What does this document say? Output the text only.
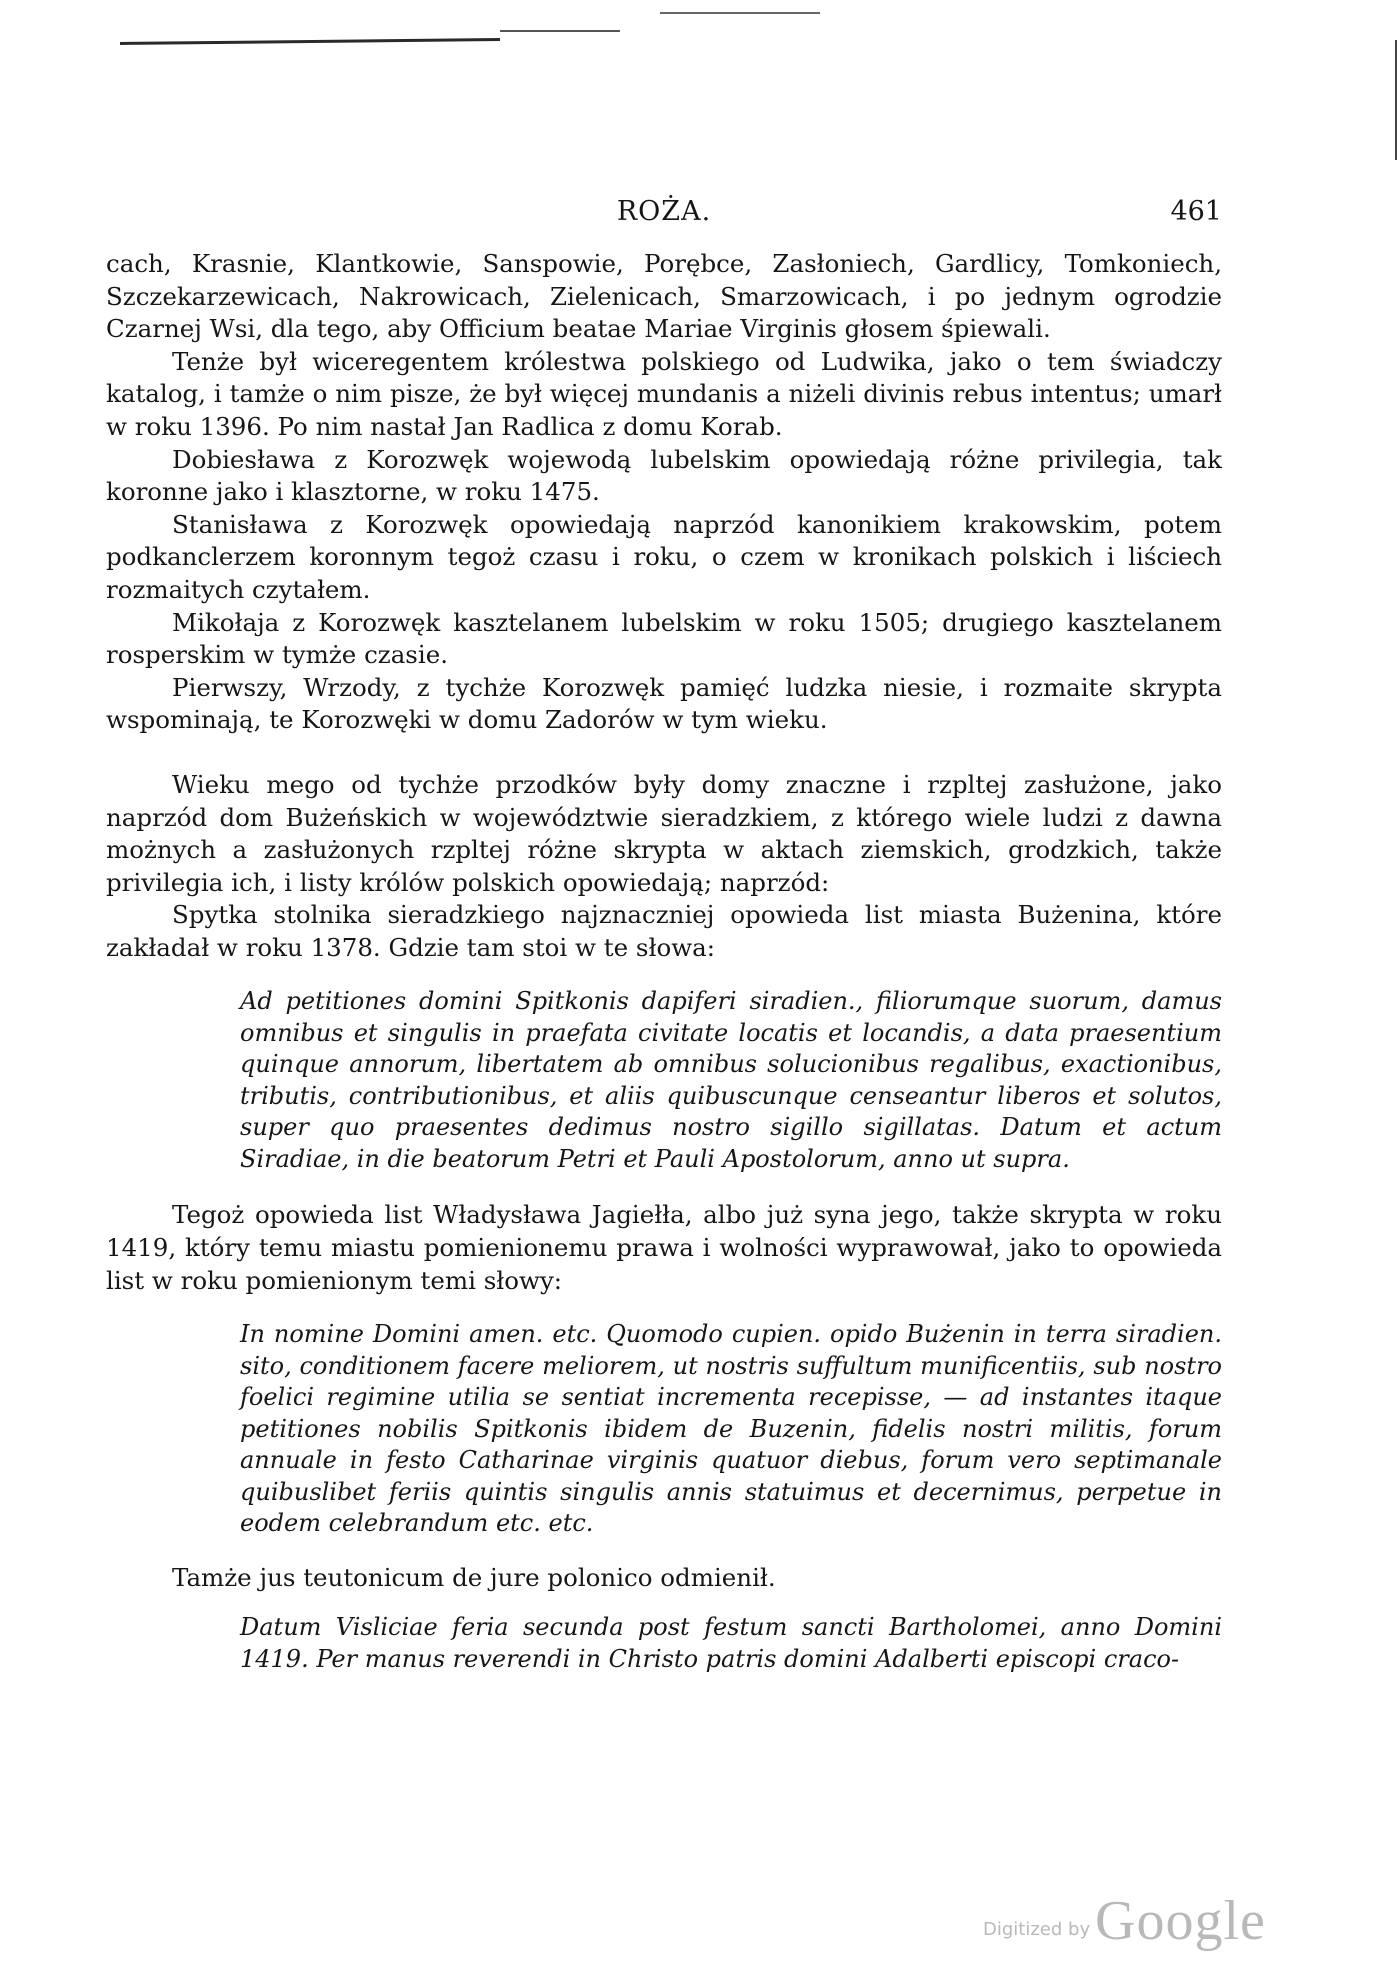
ROŻA.	461

cach, Krasnie, Klantkowie, Sanspowie, Porębce, Zasłoniech, Gardlicy, Tomkoniech, Szczekarzewicach, Nakrowicach, Zielenicach, Smarzowicach, i po jednym ogrodzie Czarnej Wsi, dla tego, aby Officium beatae Mariae Virginis głosem śpiewali.

Tenże był wiceregentem królestwa polskiego od Ludwika, jako o tem świadczy katalog, i tamże o nim pisze, że był więcej mundanis a niżeli divinis rebus intentus; umarł w roku 1396. Po nim nastał Jan Radlica z domu Korab.

Dobiesława z Korozwęk wojewodą lubelskim opowiedają różne privilegia, tak koronne jako i klasztorne, w roku 1475.

Stanisława z Korozwęk opowiedają naprzód kanonikiem krakowskim, potem podkanclerzem koronnym tegoż czasu i roku, o czem w kronikach polskich i liściech rozmaitych czytałem.

Mikołaja z Korozwęk kasztelanem lubelskim w roku 1505; drugiego kasztelanem rosperskim w tymże czasie.

Pierwszy, Wrzody, z tychże Korozwęk pamięć ludzka niesie, i rozmaite skrypta wspominają, te Korozwęki w domu Zadorów w tym wieku.

Wieku mego od tychże przodków były domy znaczne i rzpltej zasłużone, jako naprzód dom Bużeńskich w województwie sieradzkiem, z którego wiele ludzi z dawna możnych a zasłużonych rzpltej różne skrypta w aktach ziemskich, grodzkich, także privilegia ich, i listy królów polskich opowiedają; naprzód:

Spytka stolnika sieradzkiego najznaczniej opowieda list miasta Bużenina, które zakładał w roku 1378. Gdzie tam stoi w te słowa:

Ad petitiones domini Spitkonis dapiferi siradien., filiorumque suorum, damus omnibus et singulis in praefata civitate locatis et locandis, a data praesentium quinque annorum, libertatem ab omnibus solucionibus regalibus, exactionibus, tributis, contributionibus, et aliis quibuscunque censeantur liberos et solutos, super quo praesentes dedimus nostro sigillo sigillatas. Datum et actum Siradiae, in die beatorum Petri et Pauli Apostolorum, anno ut supra.

Tegoż opowieda list Władysława Jagiełła, albo już syna jego, także skrypta w roku 1419, który temu miastu pomienionemu prawa i wolności wyprawował, jako to opowieda list w roku pomienionym temi słowy:

In nomine Domini amen. etc. Quomodo cupien. opido Bużenin in terra siradien. sito, conditionem facere meliorem, ut nostris suffultum munificentiis, sub nostro foelici regimine utilia se sentiat incrementa recepisse, — ad instantes itaque petitiones nobilis Spitkonis ibidem de Buzenin, fidelis nostri militis, forum annuale in festo Catharinae virginis quatuor diebus, forum vero septimanale quibuslibet feriis quintis singulis annis statuimus et decernimus, perpetue in eodem celebrandum etc. etc.

Tamże jus teutonicum de jure polonico odmienił.

Datum Visliciae feria secunda post festum sancti Bartholomei, anno Domini 1419. Per manus reverendi in Christo patris domini Adalberti episcopi craco-

Digitized by Google
